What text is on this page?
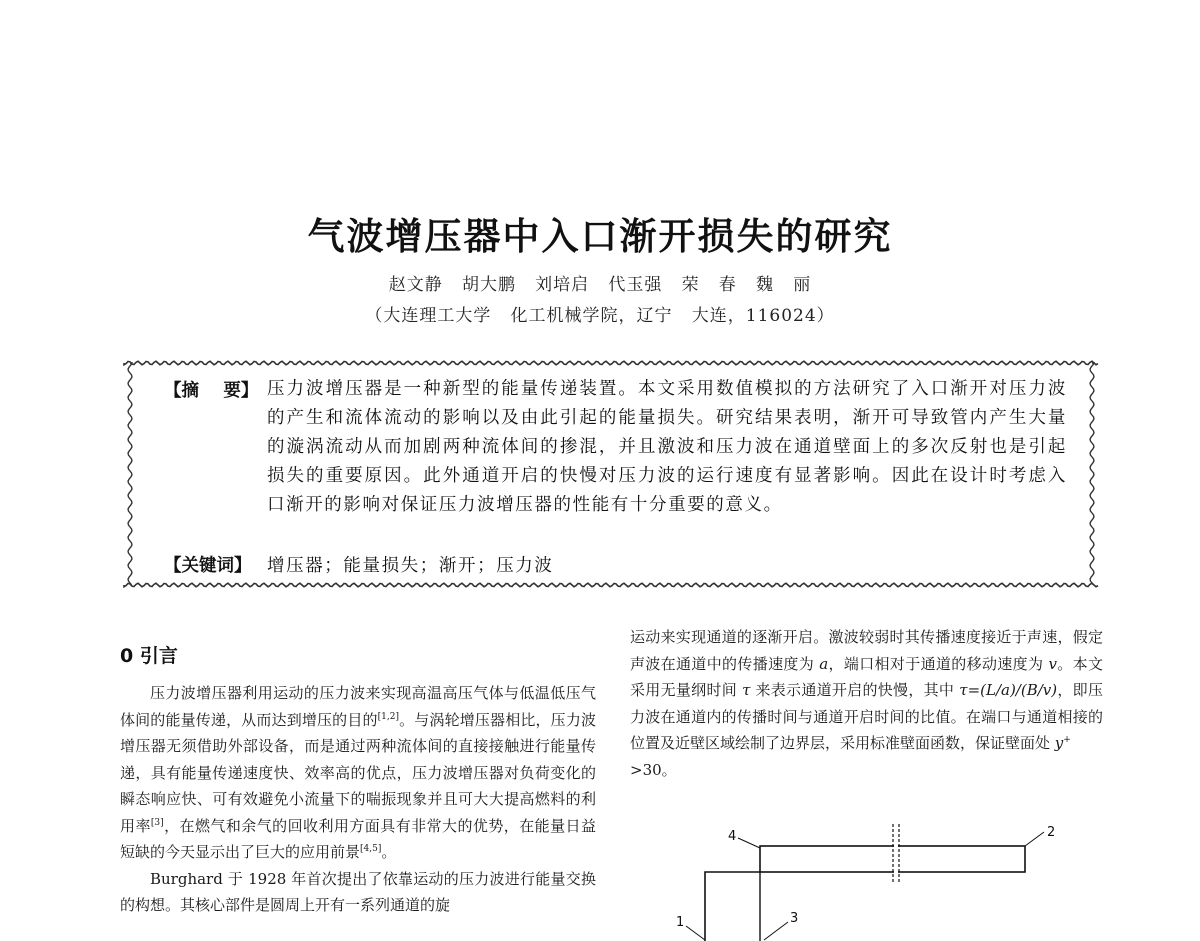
气波增压器中入口渐开损失的研究
赵文静   胡大鹏   刘培启   代玉强   荣   春   魏   丽
（大连理工大学   化工机械学院，辽宁   大连，116024）
【摘    要】 压力波增压器是一种新型的能量传递装置。本文采用数值模拟的方法研究了入口渐开对压力波的产生和流体流动的影响以及由此引起的能量损失。研究结果表明，渐开可导致管内产生大量的漩涡流动从而加剧两种流体间的掺混，并且激波和压力波在通道壁面上的多次反射也是引起损失的重要原因。此外通道开启的快慢对压力波的运行速度有显著影响。因此在设计时考虑入口渐开的影响对保证压力波增压器的性能有十分重要的意义。
【关键词】 增压器；能量损失；渐开；压力波
0 引言

压力波增压器利用运动的压力波来实现高温高压气体与低温低压气体间的能量传递，从而达到增压的目的[1,2]。与涡轮增压器相比，压力波增压器无须借助外部设备，而是通过两种流体间的直接接触进行能量传递，具有能量传递速度快、效率高的优点，压力波增压器对负荷变化的瞬态响应快、可有效避免小流量下的喘振现象并且可大大提高燃料的利用率[3]，在燃气和余气的回收利用方面具有非常大的优势，在能量日益短缺的今天显示出了巨大的应用前景[4,5]。

Burghard 于 1928 年首次提出了依靠运动的压力波进行能量交换的构想。其核心部件是圆周上开有一系列通道的旋

运动来实现通道的逐渐开启。激波较弱时其传播速度接近于声速，假定声波在通道中的传播速度为 a，端口相对于通道的移动速度为 v。本文采用无量纲时间 τ 来表示通道开启的快慢，其中 τ=(L/a)/(B/v)，即压力波在通道内的传播时间与通道开启时间的比值。在端口与通道相接的位置及近壁区域绘制了边界层，采用标准壁面函数，保证壁面处 y+
>30。

4	2
1	3
